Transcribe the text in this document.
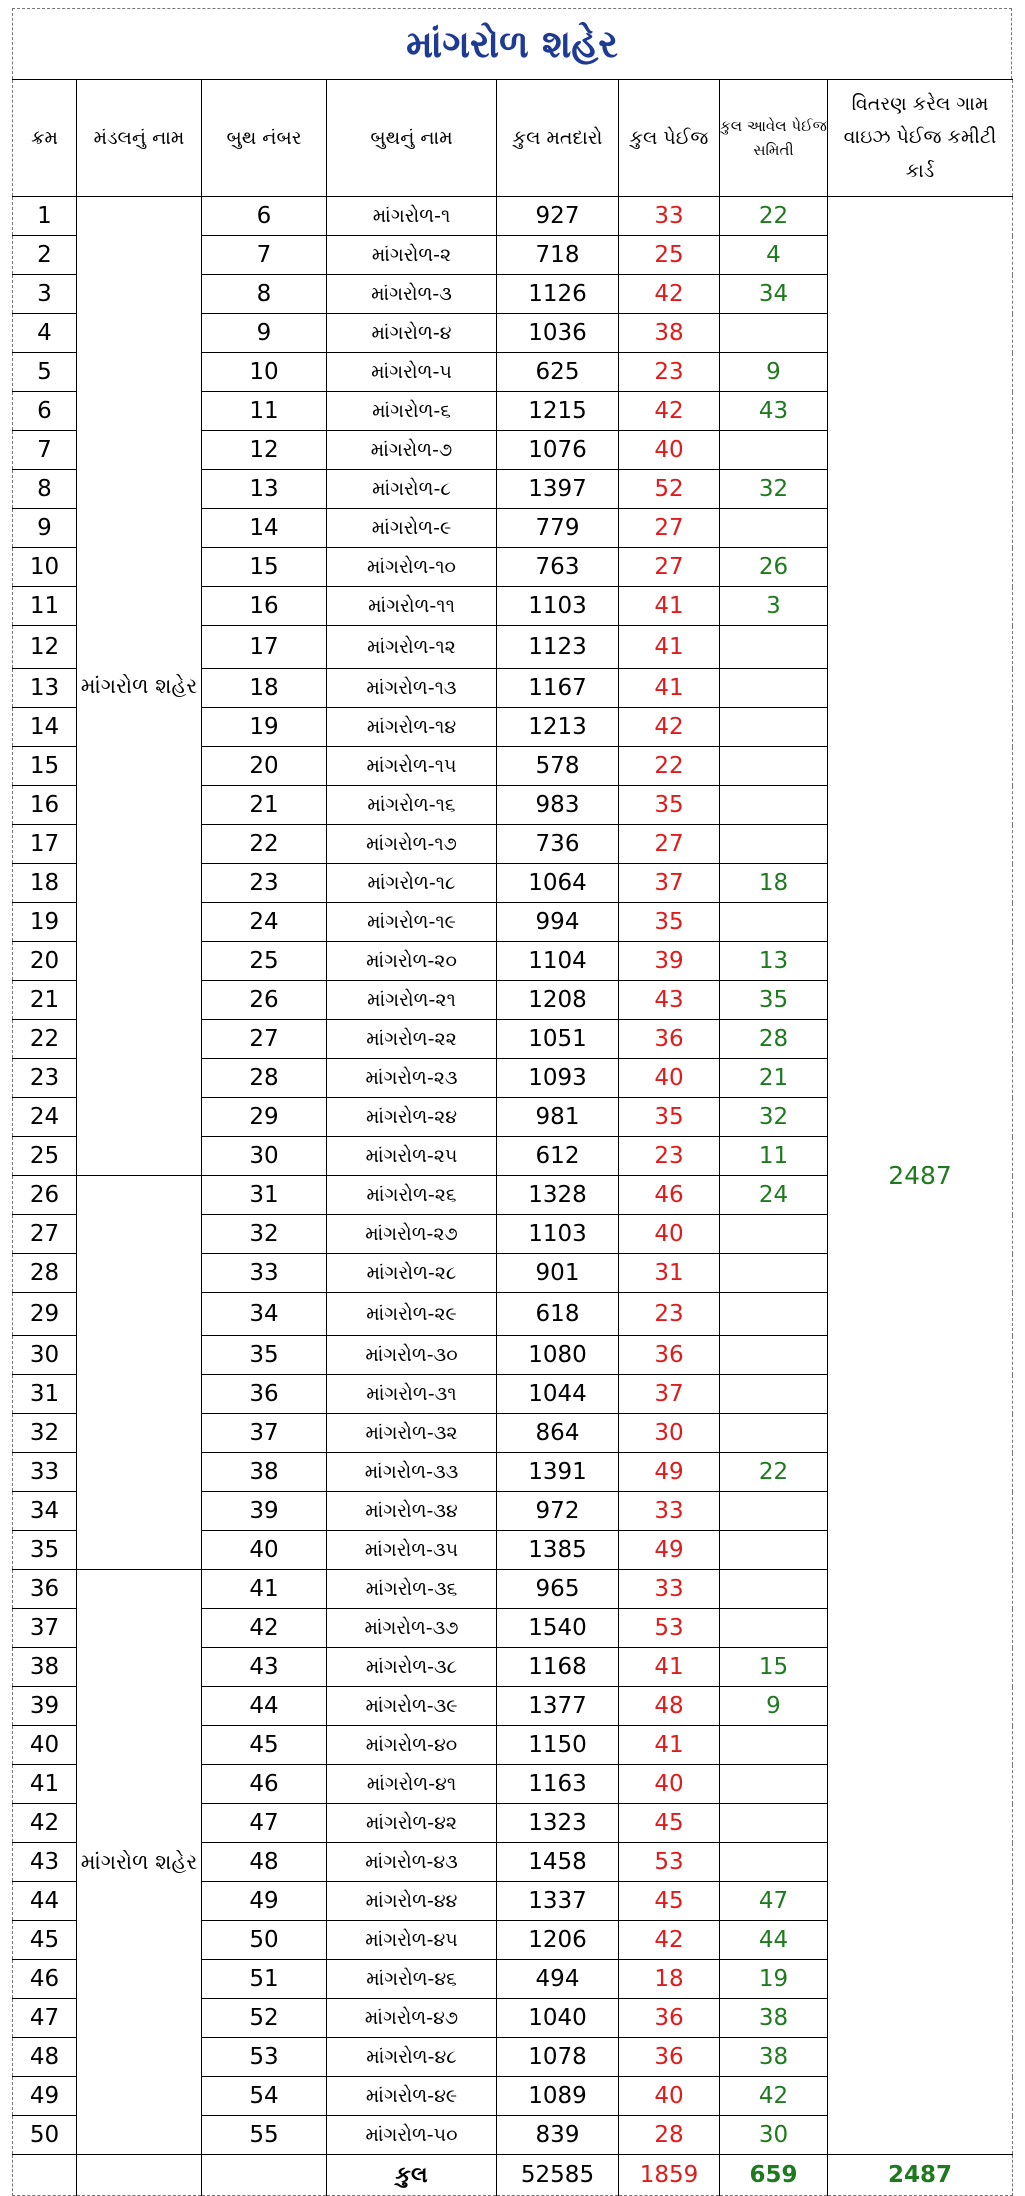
માંગરોળ શહેર
ક્રમ	મંડલનું નામ	બુથ નંબર	બુથનું નામ	કુલ મતદારો	કુલ પેઈજ	કુલ આવેલ પેઈજ સમિતી	વિતરણ કરેલ ગામ વાઇઝ પેઈજ કમીટી કાર્ડ
1	માંગરોળ શહેર	6	માંગરોળ-૧	927	33	22	2487
2		7	માંગરોળ-૨	718	25	4	
3		8	માંગરોળ-૩	1126	42	34	
4		9	માંગરોળ-૪	1036	38		
5		10	માંગરોળ-૫	625	23	9	
6		11	માંગરોળ-૬	1215	42	43	
7		12	માંગરોળ-૭	1076	40		
8		13	માંગરોળ-૮	1397	52	32	
9		14	માંગરોળ-૯	779	27		
10		15	માંગરોળ-૧૦	763	27	26	
11		16	માંગરોળ-૧૧	1103	41	3	
12		17	માંગરોળ-૧૨	1123	41		
13		18	માંગરોળ-૧૩	1167	41		
14		19	માંગરોળ-૧૪	1213	42		
15		20	માંગરોળ-૧૫	578	22		
16		21	માંગરોળ-૧૬	983	35		
17		22	માંગરોળ-૧૭	736	27		
18		23	માંગરોળ-૧૮	1064	37	18	
19		24	માંગરોળ-૧૯	994	35		
20		25	માંગરોળ-૨૦	1104	39	13	
21		26	માંગરોળ-૨૧	1208	43	35	
22		27	માંગરોળ-૨૨	1051	36	28	
23		28	માંગરોળ-૨૩	1093	40	21	
24		29	માંગરોળ-૨૪	981	35	32	
25		30	માંગરોળ-૨૫	612	23	11	
26		31	માંગરોળ-૨૬	1328	46	24	
27		32	માંગરોળ-૨૭	1103	40		
28		33	માંગરોળ-૨૮	901	31		
29		34	માંગરોળ-૨૯	618	23		
30		35	માંગરોળ-૩૦	1080	36		
31		36	માંગરોળ-૩૧	1044	37		
32		37	માંગરોળ-૩૨	864	30		
33		38	માંગરોળ-૩૩	1391	49	22	
34		39	માંગરોળ-૩૪	972	33		
35		40	માંગરોળ-૩૫	1385	49		
36	માંગરોળ શહેર	41	માંગરોળ-૩૬	965	33		
37		42	માંગરોળ-૩૭	1540	53		
38		43	માંગરોળ-૩૮	1168	41	15	
39		44	માંગરોળ-૩૯	1377	48	9	
40		45	માંગરોળ-૪૦	1150	41		
41		46	માંગરોળ-૪૧	1163	40		
42		47	માંગરોળ-૪૨	1323	45		
43		48	માંગરોળ-૪૩	1458	53		
44		49	માંગરોળ-૪૪	1337	45	47	
45		50	માંગરોળ-૪૫	1206	42	44	
46		51	માંગરોળ-૪૬	494	18	19	
47		52	માંગરોળ-૪૭	1040	36	38	
48		53	માંગરોળ-૪૮	1078	36	38	
49		54	માંગરોળ-૪૯	1089	40	42	
50		55	માંગરોળ-૫૦	839	28	30	
			કુલ	52585	1859	659	2487
